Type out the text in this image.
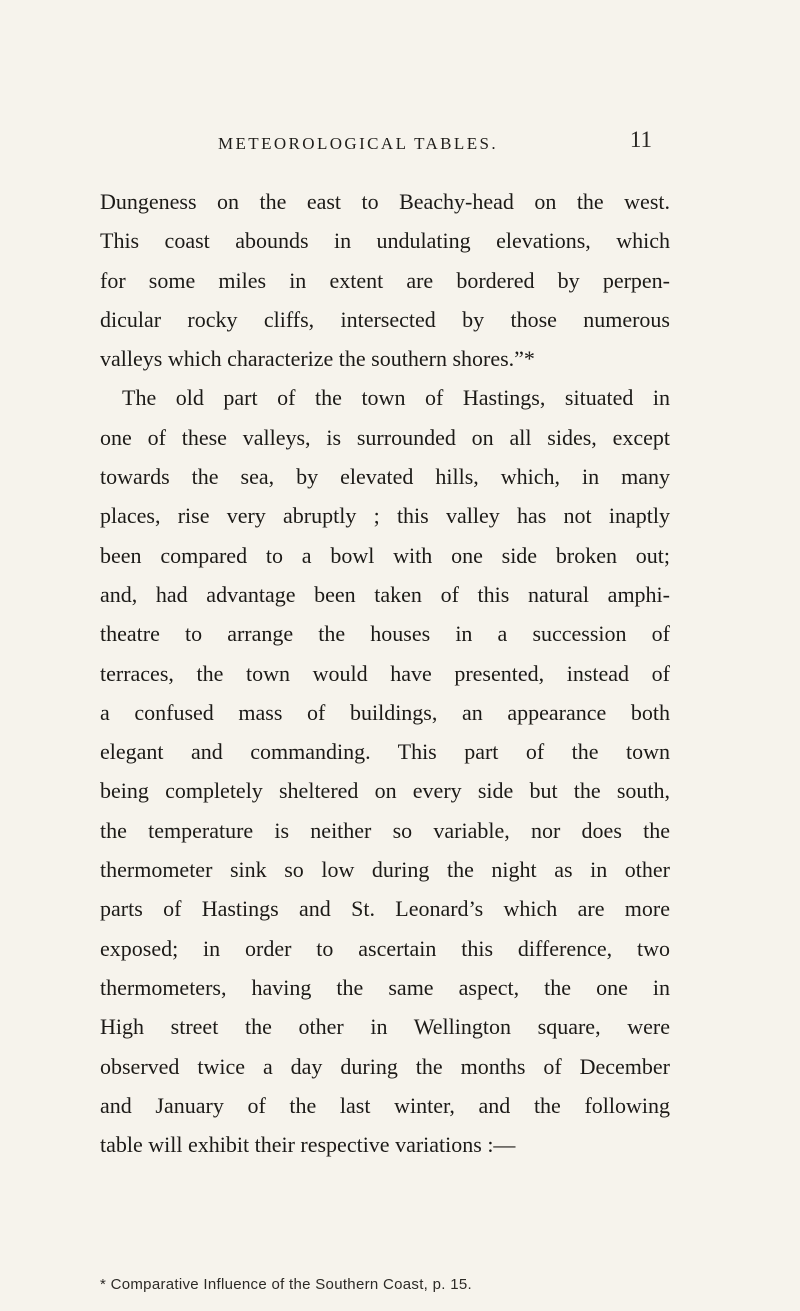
METEOROLOGICAL TABLES.	11
Dungeness on the east to Beachy-head on the west.
This coast abounds in undulating elevations, which
for some miles in extent are bordered by perpen-
dicular rocky cliffs, intersected by those numerous
valleys which characterize the southern shores.”*
The old part of the town of Hastings, situated in
one of these valleys, is surrounded on all sides, except
towards the sea, by elevated hills, which, in many
places, rise very abruptly ; this valley has not inaptly
been compared to a bowl with one side broken out;
and, had advantage been taken of this natural amphi-
theatre to arrange the houses in a succession of
terraces, the town would have presented, instead of
a confused mass of buildings, an appearance both
elegant and commanding. This part of the town
being completely sheltered on every side but the south,
the temperature is neither so variable, nor does the
thermometer sink so low during the night as in other
parts of Hastings and St. Leonard’s which are more
exposed; in order to ascertain this difference, two
thermometers, having the same aspect, the one in
High street the other in Wellington square, were
observed twice a day during the months of December
and January of the last winter, and the following
table will exhibit their respective variations :—
* Comparative Influence of the Southern Coast, p. 15.
